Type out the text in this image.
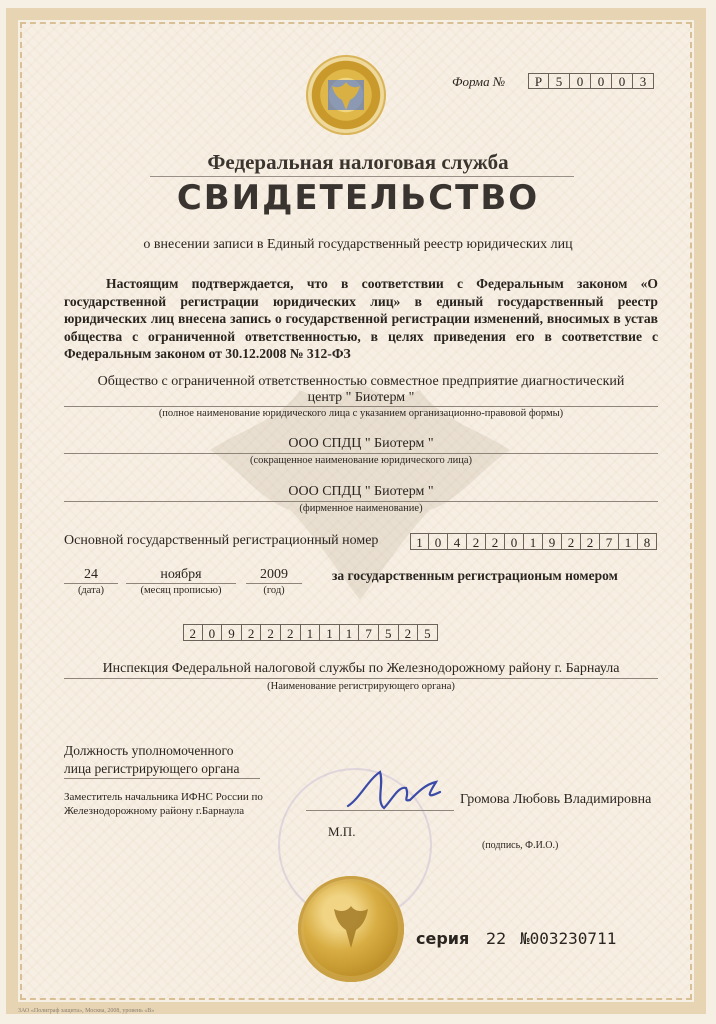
Форма №	Р	5	0	0	0	3
Федеральная налоговая служба
СВИДЕТЕЛЬСТВО
о внесении записи в Единый государственный реестр юридических лиц
Настоящим подтверждается, что в соответствии с Федеральным законом «О государственной регистрации юридических лиц» в единый государственный реестр юридических лиц внесена запись о государственной регистрации изменений, вносимых в устав общества с ограниченной ответственностью, в целях приведения его в соответствие с Федеральным законом от 30.12.2008 № 312-ФЗ
Общество с ограниченной ответственностью совместное предприятие диагностический
центр " Биотерм "
(полное наименование юридического лица с указанием организационно-правовой формы)
ООО СПДЦ " Биотерм "
(сокращенное наименование юридического лица)
ООО СПДЦ " Биотерм "
(фирменное наименование)
Основной государственный регистрационный номер	1 0 4 2 2 0 1 9 2 2 7 1 8
24
(дата)
ноября
(месяц прописью)
2009
(год)
за государственным регистрационым номером
2 0	9	2	2	2	1	1	1	7	5	2	5
Инспекция Федеральной налоговой службы по Железнодорожному району г. Барнаула
(Наименование регистрирующего органа)
Должность уполномоченного
лица регистрирующего органа
Заместитель начальника ИФНС России по
Железнодорожному району г.Барнаула
Громова Любовь Владимировна
М.П.
(подпись, Ф.И.О.)
серия 22 №003230711
ЗАО «Полиграф защита», Москва, 2008, уровень «В»
